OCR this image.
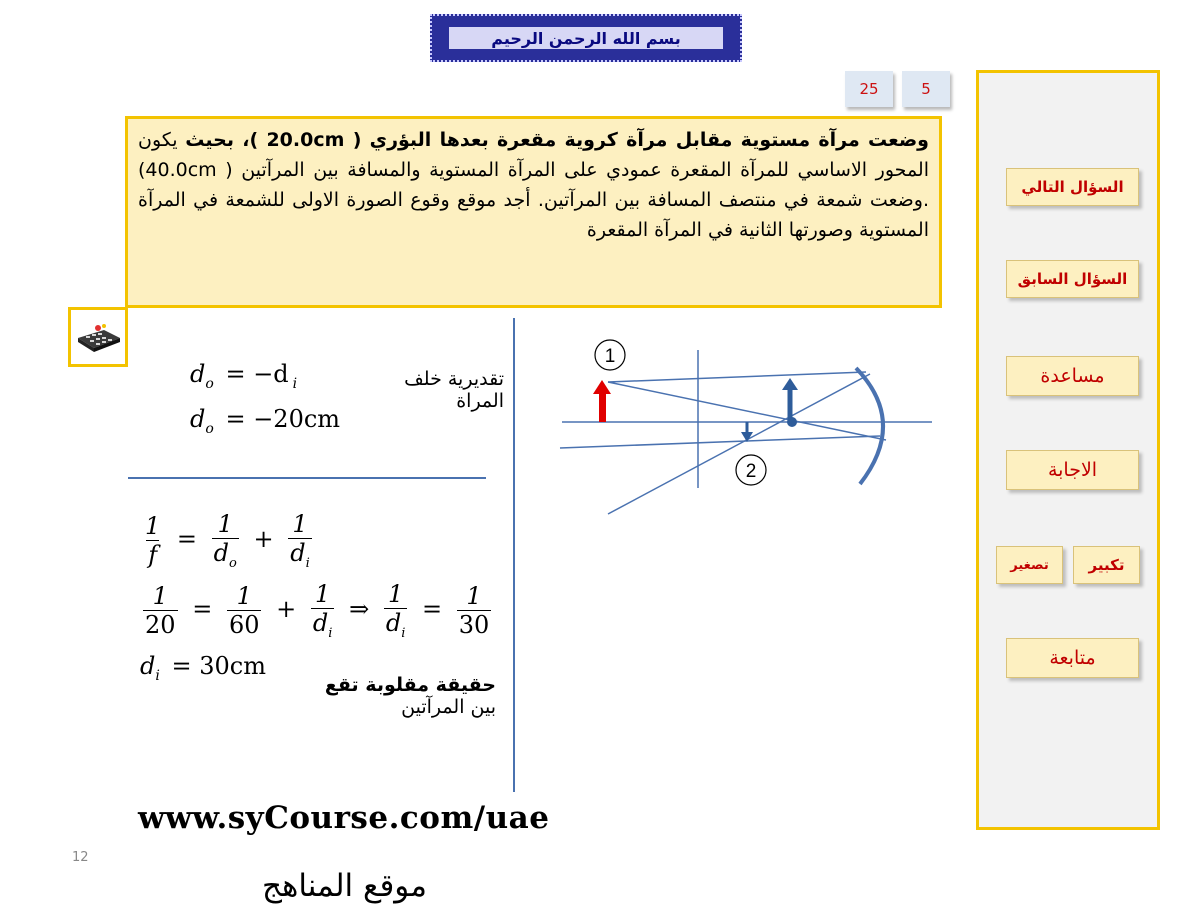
بسم الله الرحمن الرحيم
25	5
وضعت مرآة مستوية مقابل مرآة كروية مقعرة بعدها البؤري ( 20.0cm )، بحيث يكون المحور الاساسي للمرآة المقعرة عمودي على المرآة المستوية والمسافة بين المرآتين ( 40.0cm) .وضعت شمعة في منتصف المسافة بين المرآتين. أجد موقع وقوع الصورة الاولى للشمعة في المرآة المستوية وصورتها الثانية في المرآة المقعرة
السؤال التالي
السؤال السابق
مساعدة
الاجابة
تصغير	تكبير
متابعة
$d_o = -d$ $_i$
$d_o = -20cm$
تقديرية خلف
المراة
$\frac{1}{f} = \frac{1}{d_o} + \frac{1}{d_i}$
$\frac{1}{20} = \frac{1}{60} + \frac{1}{d_i}$ ⇒ $\frac{1}{d_i} = \frac{1}{30}$
$d_i = 30cm$
حقيقة مقلوبة تقع
بين المرآتين
1
2
www.syCourse.com/uae
موقع المناهج
12
